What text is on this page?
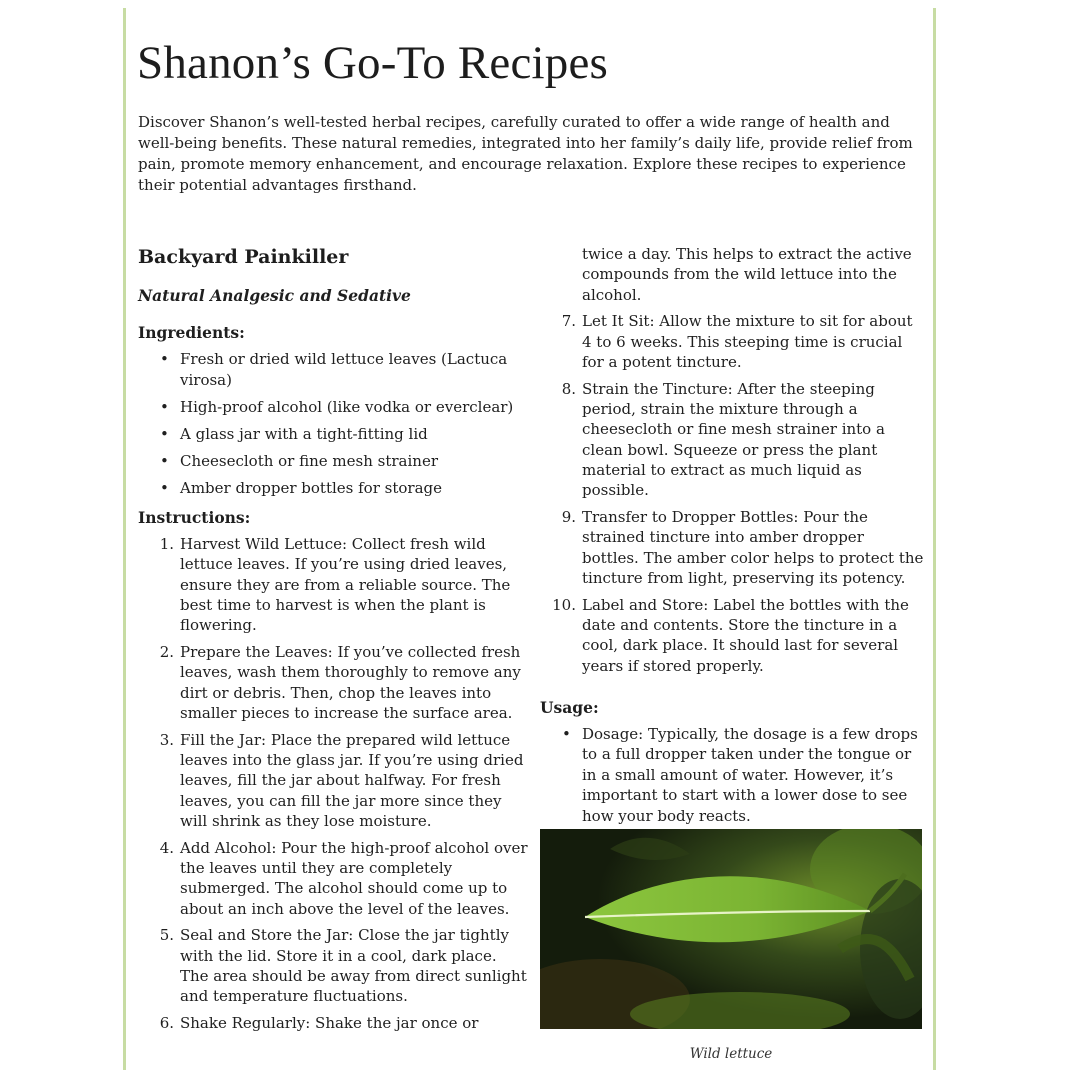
Shanon’s Go-To Recipes

Discover Shanon’s well-tested herbal recipes, carefully curated to offer a wide range of health and well-being benefits. These natural remedies, integrated into her family’s daily life, provide relief from pain, promote memory enhancement, and encourage relaxation. Explore these recipes to experience their potential advantages firsthand.

Backyard Painkiller

Natural Analgesic and Sedative

Ingredients:

• Fresh or dried wild lettuce leaves (Lactuca virosa)
• High-proof alcohol (like vodka or everclear)
• A glass jar with a tight-fitting lid
• Cheesecloth or fine mesh strainer
• Amber dropper bottles for storage

Instructions:

1. Harvest Wild Lettuce: Collect fresh wild lettuce leaves. If you’re using dried leaves, ensure they are from a reliable source. The best time to harvest is when the plant is flowering.
2. Prepare the Leaves: If you’ve collected fresh leaves, wash them thoroughly to remove any dirt or debris. Then, chop the leaves into smaller pieces to increase the surface area.
3. Fill the Jar: Place the prepared wild lettuce leaves into the glass jar. If you’re using dried leaves, fill the jar about halfway. For fresh leaves, you can fill the jar more since they will shrink as they lose moisture.
4. Add Alcohol: Pour the high-proof alcohol over the leaves until they are completely submerged. The alcohol should come up to about an inch above the level of the leaves.
5. Seal and Store the Jar: Close the jar tightly with the lid. Store it in a cool, dark place. The area should be away from direct sunlight and temperature fluctuations.
6. Shake Regularly: Shake the jar once or

twice a day. This helps to extract the active compounds from the wild lettuce into the alcohol.

7. Let It Sit: Allow the mixture to sit for about 4 to 6 weeks. This steeping time is crucial for a potent tincture.
8. Strain the Tincture: After the steeping period, strain the mixture through a cheesecloth or fine mesh strainer into a clean bowl. Squeeze or press the plant material to extract as much liquid as possible.
9. Transfer to Dropper Bottles: Pour the strained tincture into amber dropper bottles. The amber color helps to protect the tincture from light, preserving its potency.
10. Label and Store: Label the bottles with the date and contents. Store the tincture in a cool, dark place. It should last for several years if stored properly.

Usage:

• Dosage: Typically, the dosage is a few drops to a full dropper taken under the tongue or in a small amount of water. However, it’s important to start with a lower dose to see how your body reacts.
Wild lettuce
